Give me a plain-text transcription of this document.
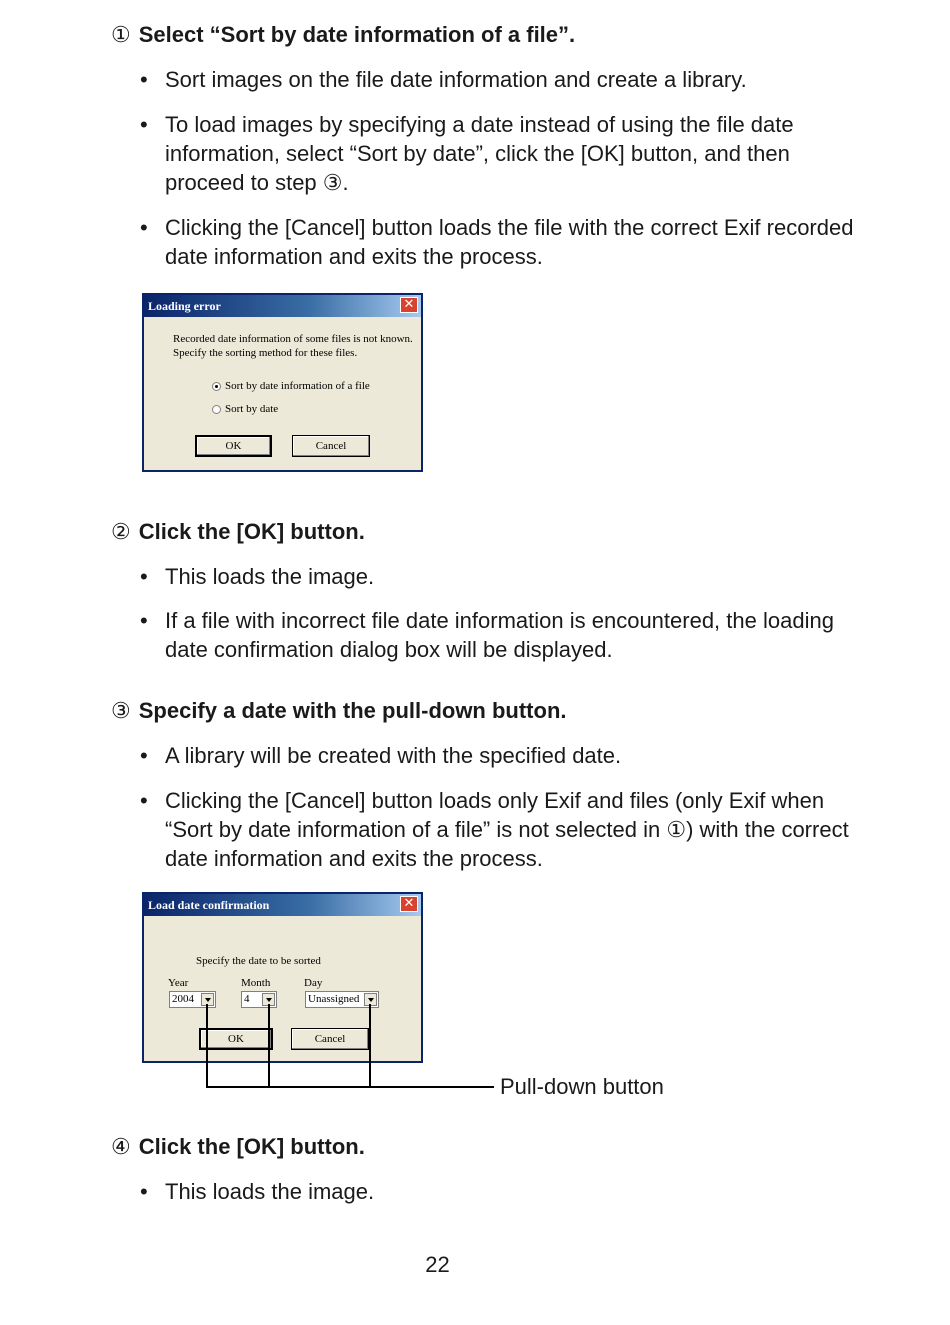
① Select “Sort by date information of a file”.
• Sort images on the file date information and create a library.
• To load images by specifying a date instead of using the file date information, select “Sort by date”, click the [OK] button, and then proceed to step ③.
• Clicking the [Cancel] button loads the file with the correct Exif recorded date information and exits the process.
Loading error	✕
Recorded date information of some files is not known.
Specify the sorting method for these files.
Sort by date information of a file
Sort by date
OK	Cancel
② Click the [OK] button.
• This loads the image.
• If a file with incorrect file date information is encountered, the loading date confirmation dialog box will be displayed.
③ Specify a date with the pull-down button.
• A library will be created with the specified date.
• Clicking the [Cancel] button loads only Exif and files (only Exif when “Sort by date information of a file” is not selected in ①) with the correct date information and exits the process.
Load date confirmation	✕
Specify the date to be sorted
Year	Month	Day
2004	4	Unassigned
OK	Cancel
Pull-down button
④ Click the [OK] button.
• This loads the image.
22
